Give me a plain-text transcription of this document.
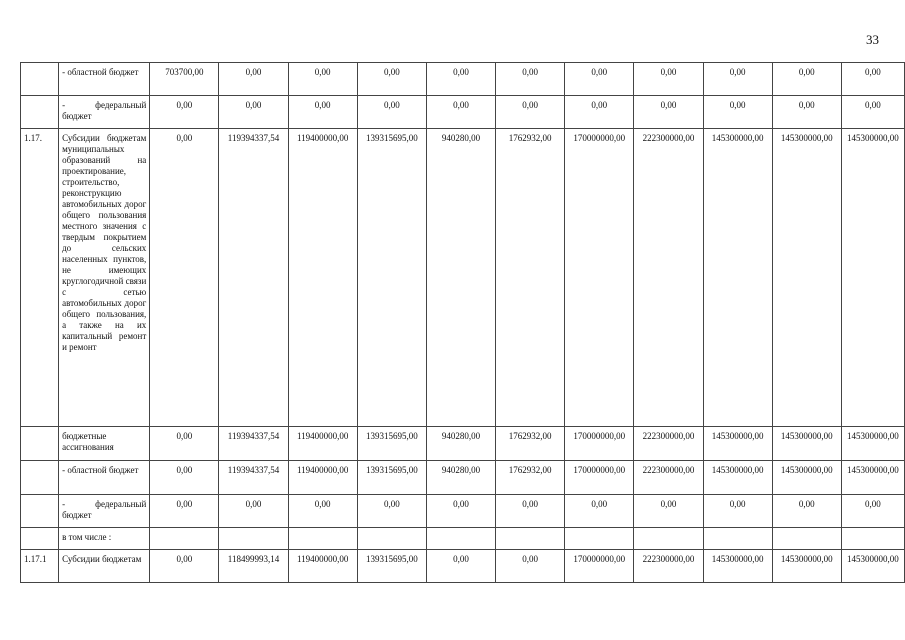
33
	- областной бюджет	703700,00	0,00	0,00	0,00	0,00	0,00	0,00	0,00	0,00	0,00	0,00
	- федеральный бюджет	0,00	0,00	0,00	0,00	0,00	0,00	0,00	0,00	0,00	0,00	0,00
1.17.	Субсидии бюджетам муниципальных образований на проектирование, строительство, реконструкцию автомобильных дорог общего пользования местного значения с твердым покрытием до сельских населенных пунктов, не имеющих круглогодичной связи с сетью автомобильных дорог общего пользования, а также на их капитальный ремонт и ремонт	0,00	119394337,54	119400000,00	139315695,00	940280,00	1762932,00	170000000,00	222300000,00	145300000,00	145300000,00	145300000,00
	бюджетные ассигнования	0,00	119394337,54	119400000,00	139315695,00	940280,00	1762932,00	170000000,00	222300000,00	145300000,00	145300000,00	145300000,00
	- областной бюджет	0,00	119394337,54	119400000,00	139315695,00	940280,00	1762932,00	170000000,00	222300000,00	145300000,00	145300000,00	145300000,00
	- федеральный бюджет	0,00	0,00	0,00	0,00	0,00	0,00	0,00	0,00	0,00	0,00	0,00
	в том числе :											
1.17.1	Субсидии бюджетам	0,00	118499993,14	119400000,00	139315695,00	0,00	0,00	170000000,00	222300000,00	145300000,00	145300000,00	145300000,00
